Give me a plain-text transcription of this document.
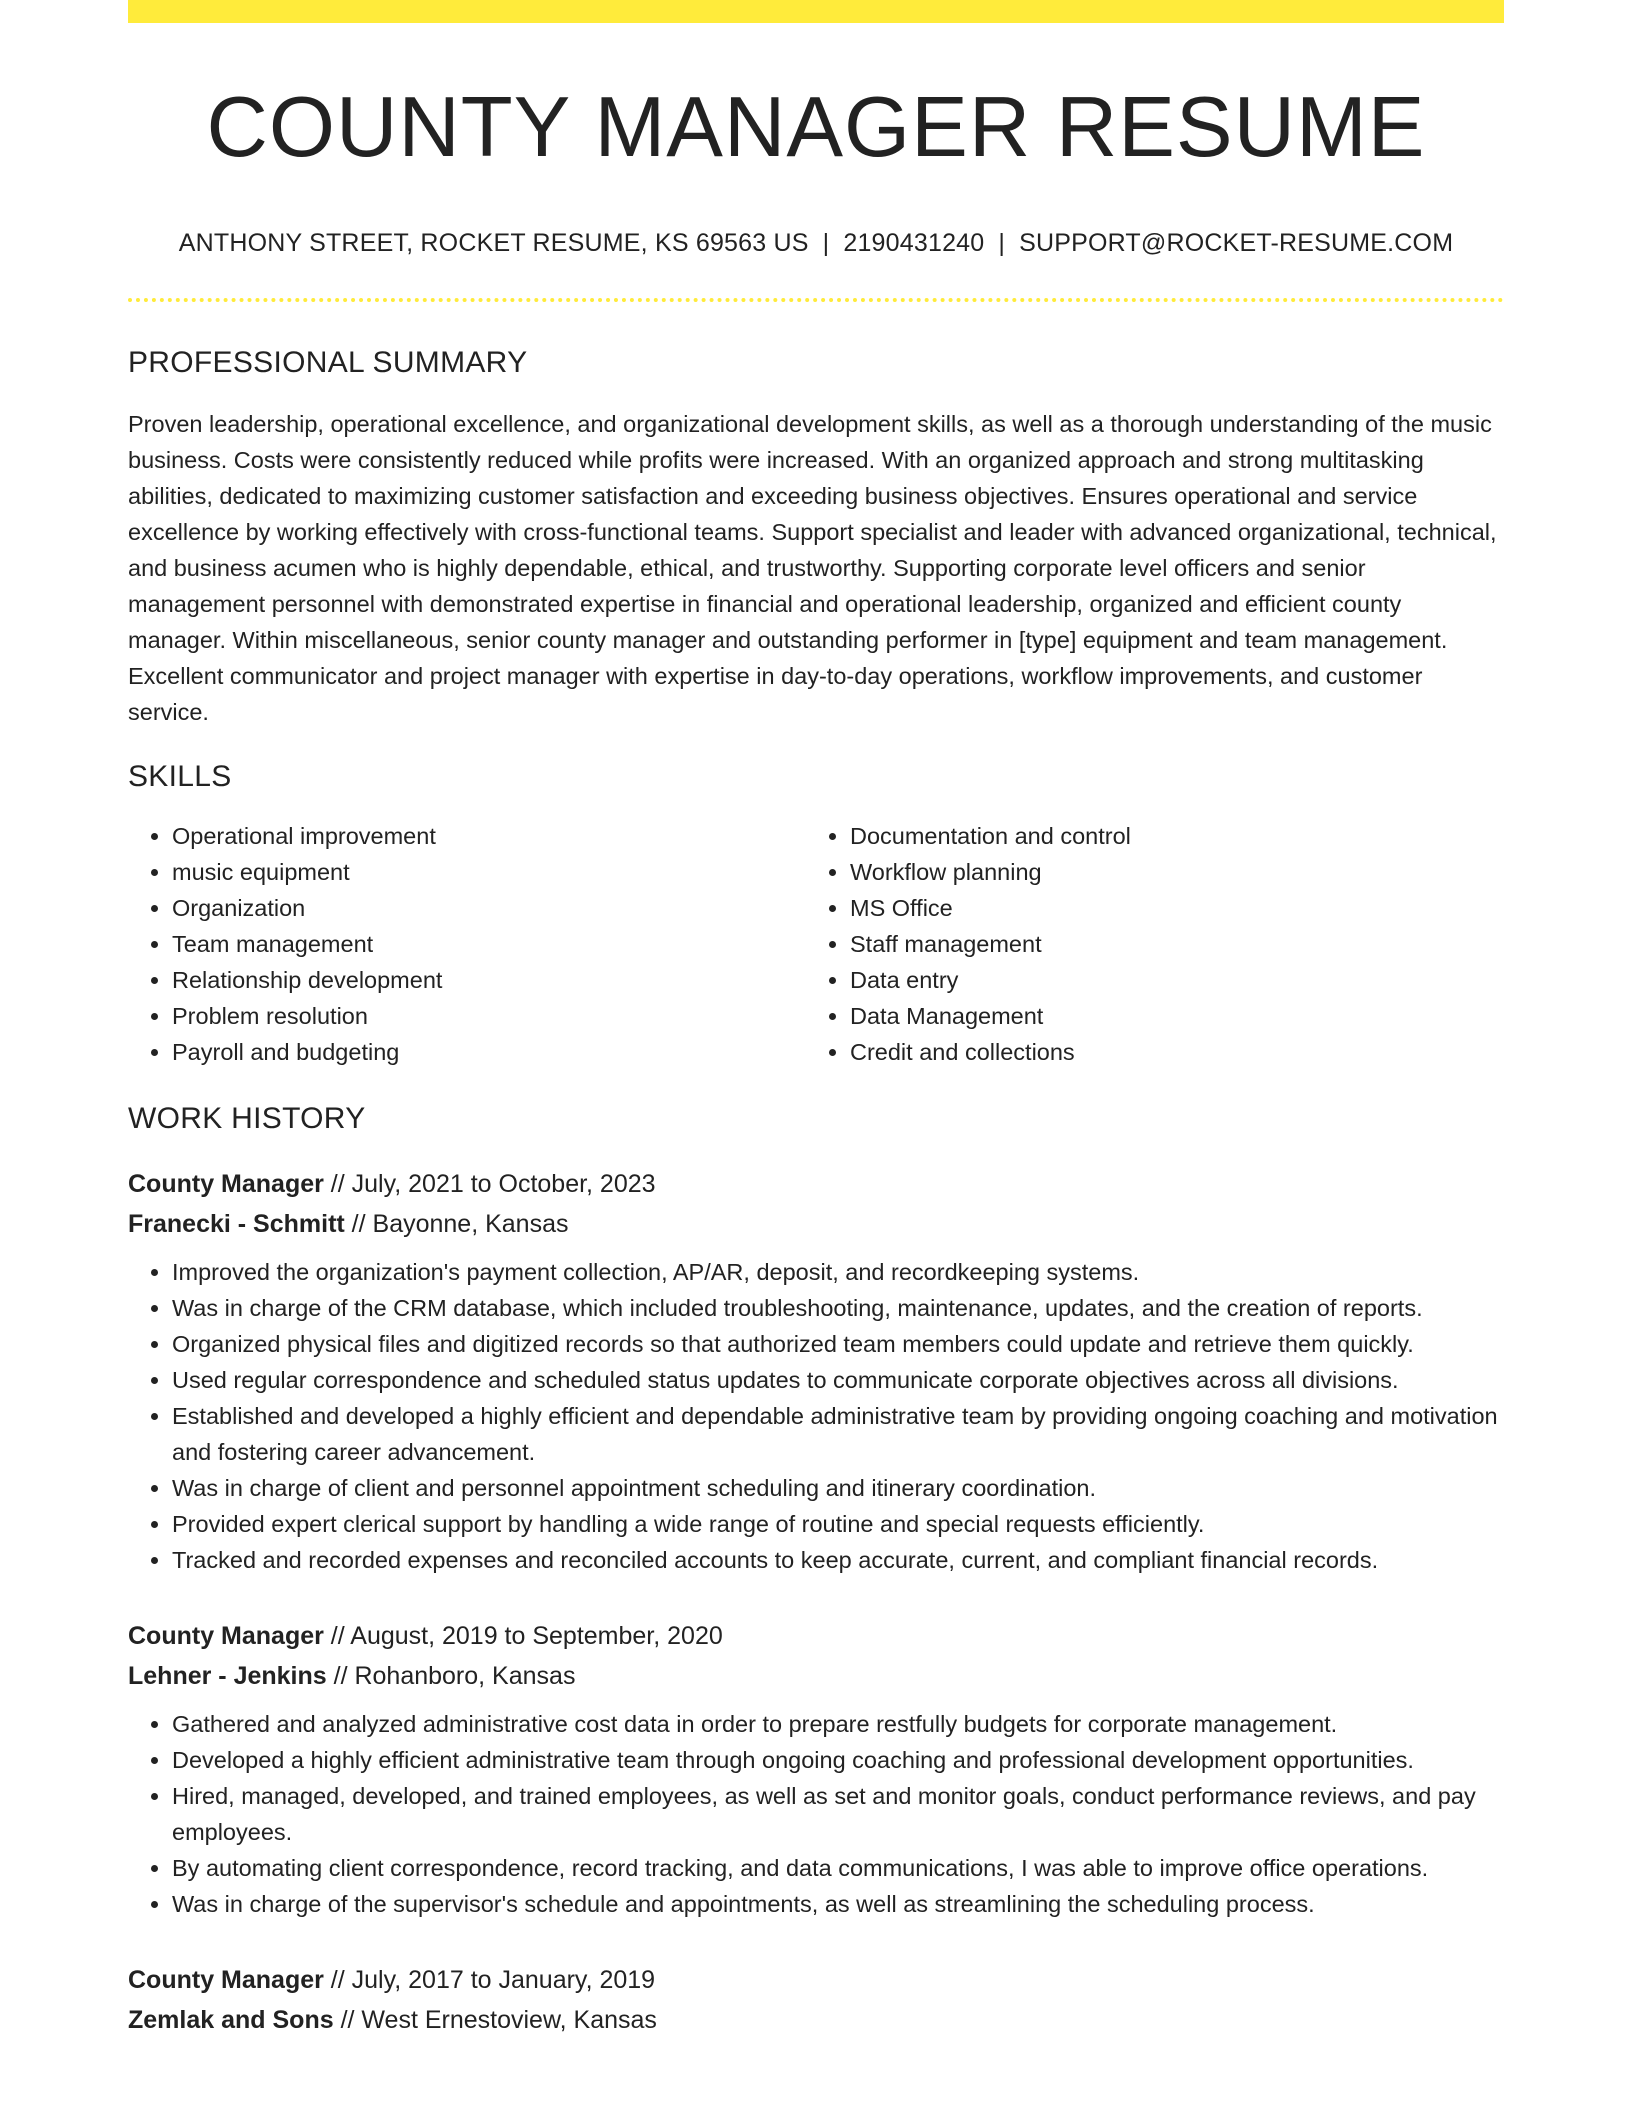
COUNTY MANAGER RESUME
ANTHONY STREET, ROCKET RESUME, KS 69563 US | 2190431240 | SUPPORT@ROCKET-RESUME.COM
PROFESSIONAL SUMMARY

Proven leadership, operational excellence, and organizational development skills, as well as a thorough understanding of the music business. Costs were consistently reduced while profits were increased. With an organized approach and strong multitasking abilities, dedicated to maximizing customer satisfaction and exceeding business objectives. Ensures operational and service excellence by working effectively with cross-functional teams. Support specialist and leader with advanced organizational, technical, and business acumen who is highly dependable, ethical, and trustworthy. Supporting corporate level officers and senior management personnel with demonstrated expertise in financial and operational leadership, organized and efficient county manager. Within miscellaneous, senior county manager and outstanding performer in [type] equipment and team management. Excellent communicator and project manager with expertise in day-to-day operations, workflow improvements, and customer service.

SKILLS
• Operational improvement
• music equipment
• Organization
• Team management
• Relationship development
• Problem resolution
• Payroll and budgeting
• Documentation and control
• Workflow planning
• MS Office
• Staff management
• Data entry
• Data Management
• Credit and collections
WORK HISTORY
County Manager // July, 2021 to October, 2023
Franecki - Schmitt // Bayonne, Kansas
• Improved the organization's payment collection, AP/AR, deposit, and recordkeeping systems.
• Was in charge of the CRM database, which included troubleshooting, maintenance, updates, and the creation of reports.
• Organized physical files and digitized records so that authorized team members could update and retrieve them quickly.
• Used regular correspondence and scheduled status updates to communicate corporate objectives across all divisions.
• Established and developed a highly efficient and dependable administrative team by providing ongoing coaching and motivation and fostering career advancement.
• Was in charge of client and personnel appointment scheduling and itinerary coordination.
• Provided expert clerical support by handling a wide range of routine and special requests efficiently.
• Tracked and recorded expenses and reconciled accounts to keep accurate, current, and compliant financial records.
County Manager // August, 2019 to September, 2020
Lehner - Jenkins // Rohanboro, Kansas
• Gathered and analyzed administrative cost data in order to prepare restfully budgets for corporate management.
• Developed a highly efficient administrative team through ongoing coaching and professional development opportunities.
• Hired, managed, developed, and trained employees, as well as set and monitor goals, conduct performance reviews, and pay employees.
• By automating client correspondence, record tracking, and data communications, I was able to improve office operations.
• Was in charge of the supervisor's schedule and appointments, as well as streamlining the scheduling process.
County Manager // July, 2017 to January, 2019
Zemlak and Sons // West Ernestoview, Kansas
